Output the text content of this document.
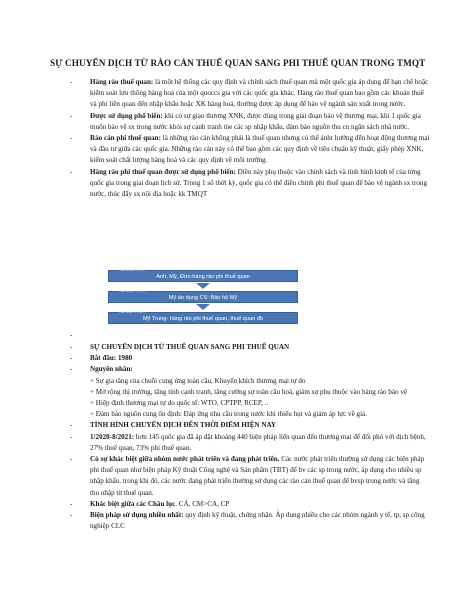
SỰ CHUYỂN DỊCH TỪ RÀO CẢN THUẾ QUAN SANG PHI THUẾ QUAN TRONG TMQT
-	Hàng rào thuế quan: là một hệ thống các quy định và chính sách thuế quan mà một quốc gia áp dụng để hạn chế hoặc kiểm soát lưu thông hàng hoá của một quoccs gia với các quốc gia khác. Hàng rào thuế quan bao gồm các khoản thuế và phí liên quan đến nhập khẩu hoặc XK hàng hoá, thường được áp dụng để bảo vệ ngành sản xuất trong nước.
-	Được sử dụng phổ biến: khi có sự giao thương XNK, được dùng trong giai đoạn bảo vệ thương mại, khi 1 quốc gia muốn bảo vệ sx trong nước khỏi sự cạnh tranh tùe các sp nhập khẩu, đảm bảo nguồn thu cn ngân sách nhà nước.
-	Rào cản phi thuế quan: là những rào cản không phải là thuế quan nhưng có thể ảnhr hưởng đến hoạt động thương mại và đầu tư giữa các quốc gia. Những rào cản này có thể bao gồm các quy định về tiêu chuẩn kỹ thuật, giấy phép XNK, kiểm soát chất lượng hàng hoá và các quy định về môi trường.
-	Hàng rào phi thuế quan được sử dụng phổ biến: Điều này phụ thuộc vào chính sách và tình hình kinh tế của từng quốc gia trong giai đoạn lịch sử. Trong 1 số thời kỳ, quốc gia có thể điều chỉnh phi thuế quan để bảo vệ ngành sx trong nước, thúc đẩy sx nội địa hoặc kk TMQT
Giai đoạn 1990...
Anh, Mỹ, Đức-hàng rào phi thuế quan
Giai đoạn 1990...
Mỹ áo dụng CS: Bảo hộ Mỹ
Giai đoạn 2000...
Mỹ Trung- hàng rào phi thuế quan, thuế quan đb
-
-	SỰ CHUYỂN DỊCH TỪ THUẾ QUAN SANG PHI THUẾ QUAN
-	Bắt đầu: 1980
-	Nguyên nhân:
+ Sự gia tăng của chuỗi cung ứng toàn cầu, Khuyến khích thương mại tự do
+ Mở rộng thị trường, tăng tính cạnh tranh, tăng cường sự toàn cầu hoá, giảm sự phụ thuộc vào hàng rào bảo vệ
+ Hiệp định thương mại tự do quốc tế: WTO, CPTPP, RCEP, ..
+ Đảm bảo nguồn cung ổn định: Đáp ứng nhu cầu trong nước khi thiếu hụt và giảm áp lực về giá.
-	TÌNH HÌNH CHUYỂN DỊCH ĐẾN THỜI ĐIỂM HIỆN NAY
-	1/2020-8/2021: hơn 145 quốc gia đã áp đặt khoảng 440 biện pháp liên quan đến thương mại để đối phó với dịch bệnh, 27% thuế quan, 73% phi thuế quan.
-	Có sự khác biệt giữa nhóm nước phát triển và đang phát triển. Các nước phát triển thường sử dụng các biện pháp phi thuế quan như biện pháp Kỹ thuật Công nghệ và Sản phẩm (TBT) để bv các sp trong nước, áp dụng cho nhiều sp nhập khẩu. trong khi đó, các nước đang phát triển thường sử dụng các rào cản thuế quan để bvsp trong nước và tăng thu nhập từ thuế quan.
-	Khác biệt giữa các Châu lục. CÁ, CM>CA, CP
-	Biện pháp sử dụng nhiều nhất: quy định kỹ thuật, chứng nhận. Áp dụng nhiều cho các nhóm ngành y tế, tp, sp công nghiệp CLC
